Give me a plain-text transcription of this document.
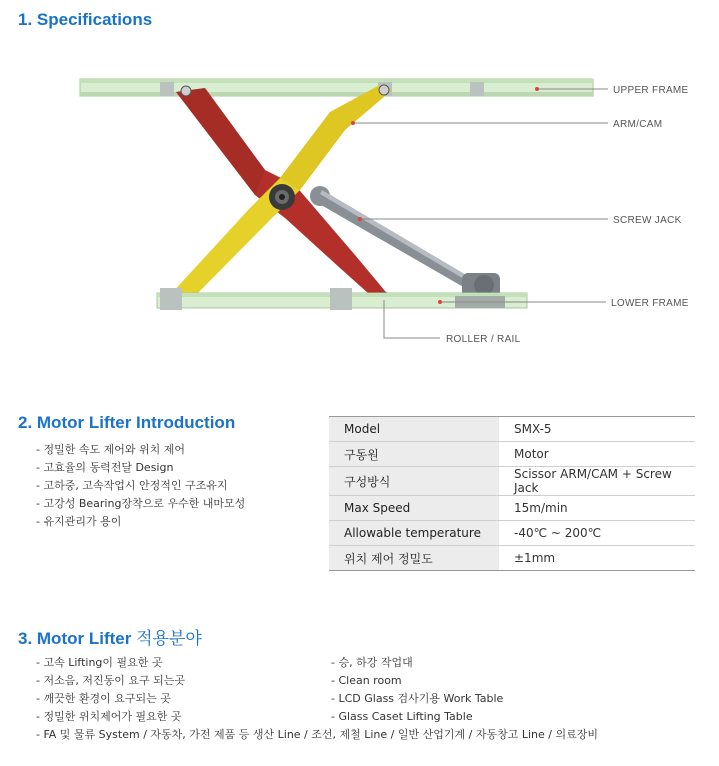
1. Specifications
UPPER FRAME
ARM/CAM
SCREW JACK
LOWER FRAME
ROLLER / RAIL
2. Motor Lifter Introduction
- 정밀한 속도 제어와 위치 제어
- 고효율의 동력전달 Design
- 고하중, 고속작업시 안정적인 구조유지
- 고강성 Bearing장착으로 우수한 내마모성
- 유지관리가 용이
Model	SMX-5
구동원	Motor
구성방식	Scissor ARM/CAM + Screw Jack
Max Speed	15m/min
Allowable temperature	-40℃ ~ 200℃
위치 제어 정밀도	±1mm
3. Motor Lifter 적용분야
- 고속 Lifting이 필요한 곳
- 저소음, 저진동이 요구 되는곳
- 깨끗한 환경이 요구되는 곳
- 정밀한 위치제어가 필요한 곳
- 승, 하강 작업대
- Clean room
- LCD Glass 검사기용 Work Table
- Glass Caset Lifting Table
- FA 및 물류 System / 자동차, 가전 제품 등 생산 Line / 조선, 제철 Line / 일반 산업기계 / 자동창고 Line / 의료장비
